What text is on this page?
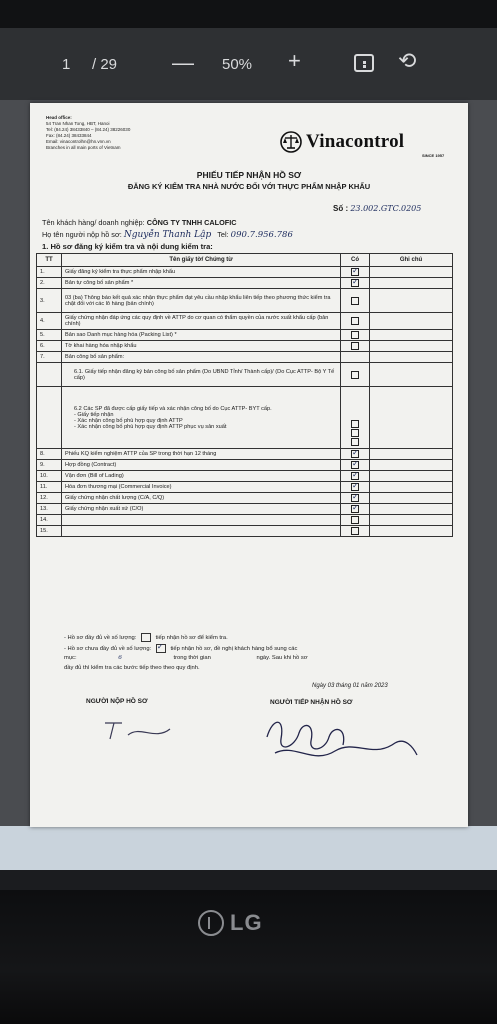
1 / 29 — 50% +	⟲
Head office:
54 Tran Nhan Tong, HBT, Hanoi
Tel: (84.24) 38433840 – (84.24) 38226030
Fax: (84.24) 38433844
Email: vinacontrolhn@hn.vnn.vn
Branches in all main ports of Vietnam	Vinacontrol
SINCE 1957
PHIẾU TIẾP NHẬN HỒ SƠ
ĐĂNG KÝ KIỂM TRA NHÀ NƯỚC ĐỐI VỚI THỰC PHẨM NHẬP KHẨU
Số : 23.002.GTC.0205
Tên khách hàng/ doanh nghiệp: CÔNG TY TNHH CALOFIC
Họ tên người nộp hồ sơ: Nguyễn Thanh Lập Tel: 090.7.956.786
1. Hồ sơ đăng ký kiểm tra và nội dung kiểm tra:
TT	Tên giấy tờ/ Chứng từ	Có	Ghi chú
1.	Giấy đăng ký kiểm tra thực phẩm nhập khẩu	✓	
2.	Bản tự công bố sản phẩm *	✓	
3.	03 (ba) Thông báo kết quả xác nhận thực phẩm đạt yêu cầu nhập khẩu liên tiếp theo phương thức kiểm tra chặt đối với các lô hàng (bản chính)		
4.	Giấy chứng nhận đáp ứng các quy định về ATTP do cơ quan có thẩm quyền của nước xuất khẩu cấp (bản chính)		
5.	Bản sao Danh mục hàng hóa (Packing List) *		
6.	Tờ khai hàng hóa nhập khẩu		
7.	Bản công bố sản phẩm:		
	6.1. Giấy tiếp nhận đăng ký bản công bố sản phẩm (Do UBND Tỉnh/ Thành cấp)/ (Do Cục ATTP- Bộ Y Tế cấp)		
	6.2 Các SP đã được cấp giấy tiếp và xác nhận công bố do Cục ATTP- BYT cấp.
- Giấy tiếp nhận
- Xác nhận công bố phù hợp quy định ATTP
- Xác nhận công bố phù hợp quy định ATTP phục vụ sản xuất		

8.	Phiếu KQ kiểm nghiệm ATTP của SP trong thời hạn 12 tháng	✓	
9.	Hợp đồng (Contract)	✓	
10.	Vận đơn (Bill of Lading)	✓	
11.	Hóa đơn thương mại (Commercial Invoice)	✓	
12.	Giấy chứng nhận chất lượng (C/A, C/Q)	✓	
13.	Giấy chứng nhận xuất xứ (C/O)	✓	
14.			
15.			
- Hồ sơ đầy đủ về số lượng:	tiếp nhận hồ sơ để kiểm tra.
- Hồ sơ chưa đầy đủ về số lượng: ✓	tiếp nhận hồ sơ, đề nghị khách hàng bổ sung các
mục:	6	trong thời gian	ngày. Sau khi hồ sơ
đầy đủ thì kiểm tra các bước tiếp theo theo quy định.
Ngày 03 tháng 01 năm 2023
NGƯỜI NỘP HỒ SƠ	NGƯỜI TIẾP NHẬN HỒ SƠ
LG
